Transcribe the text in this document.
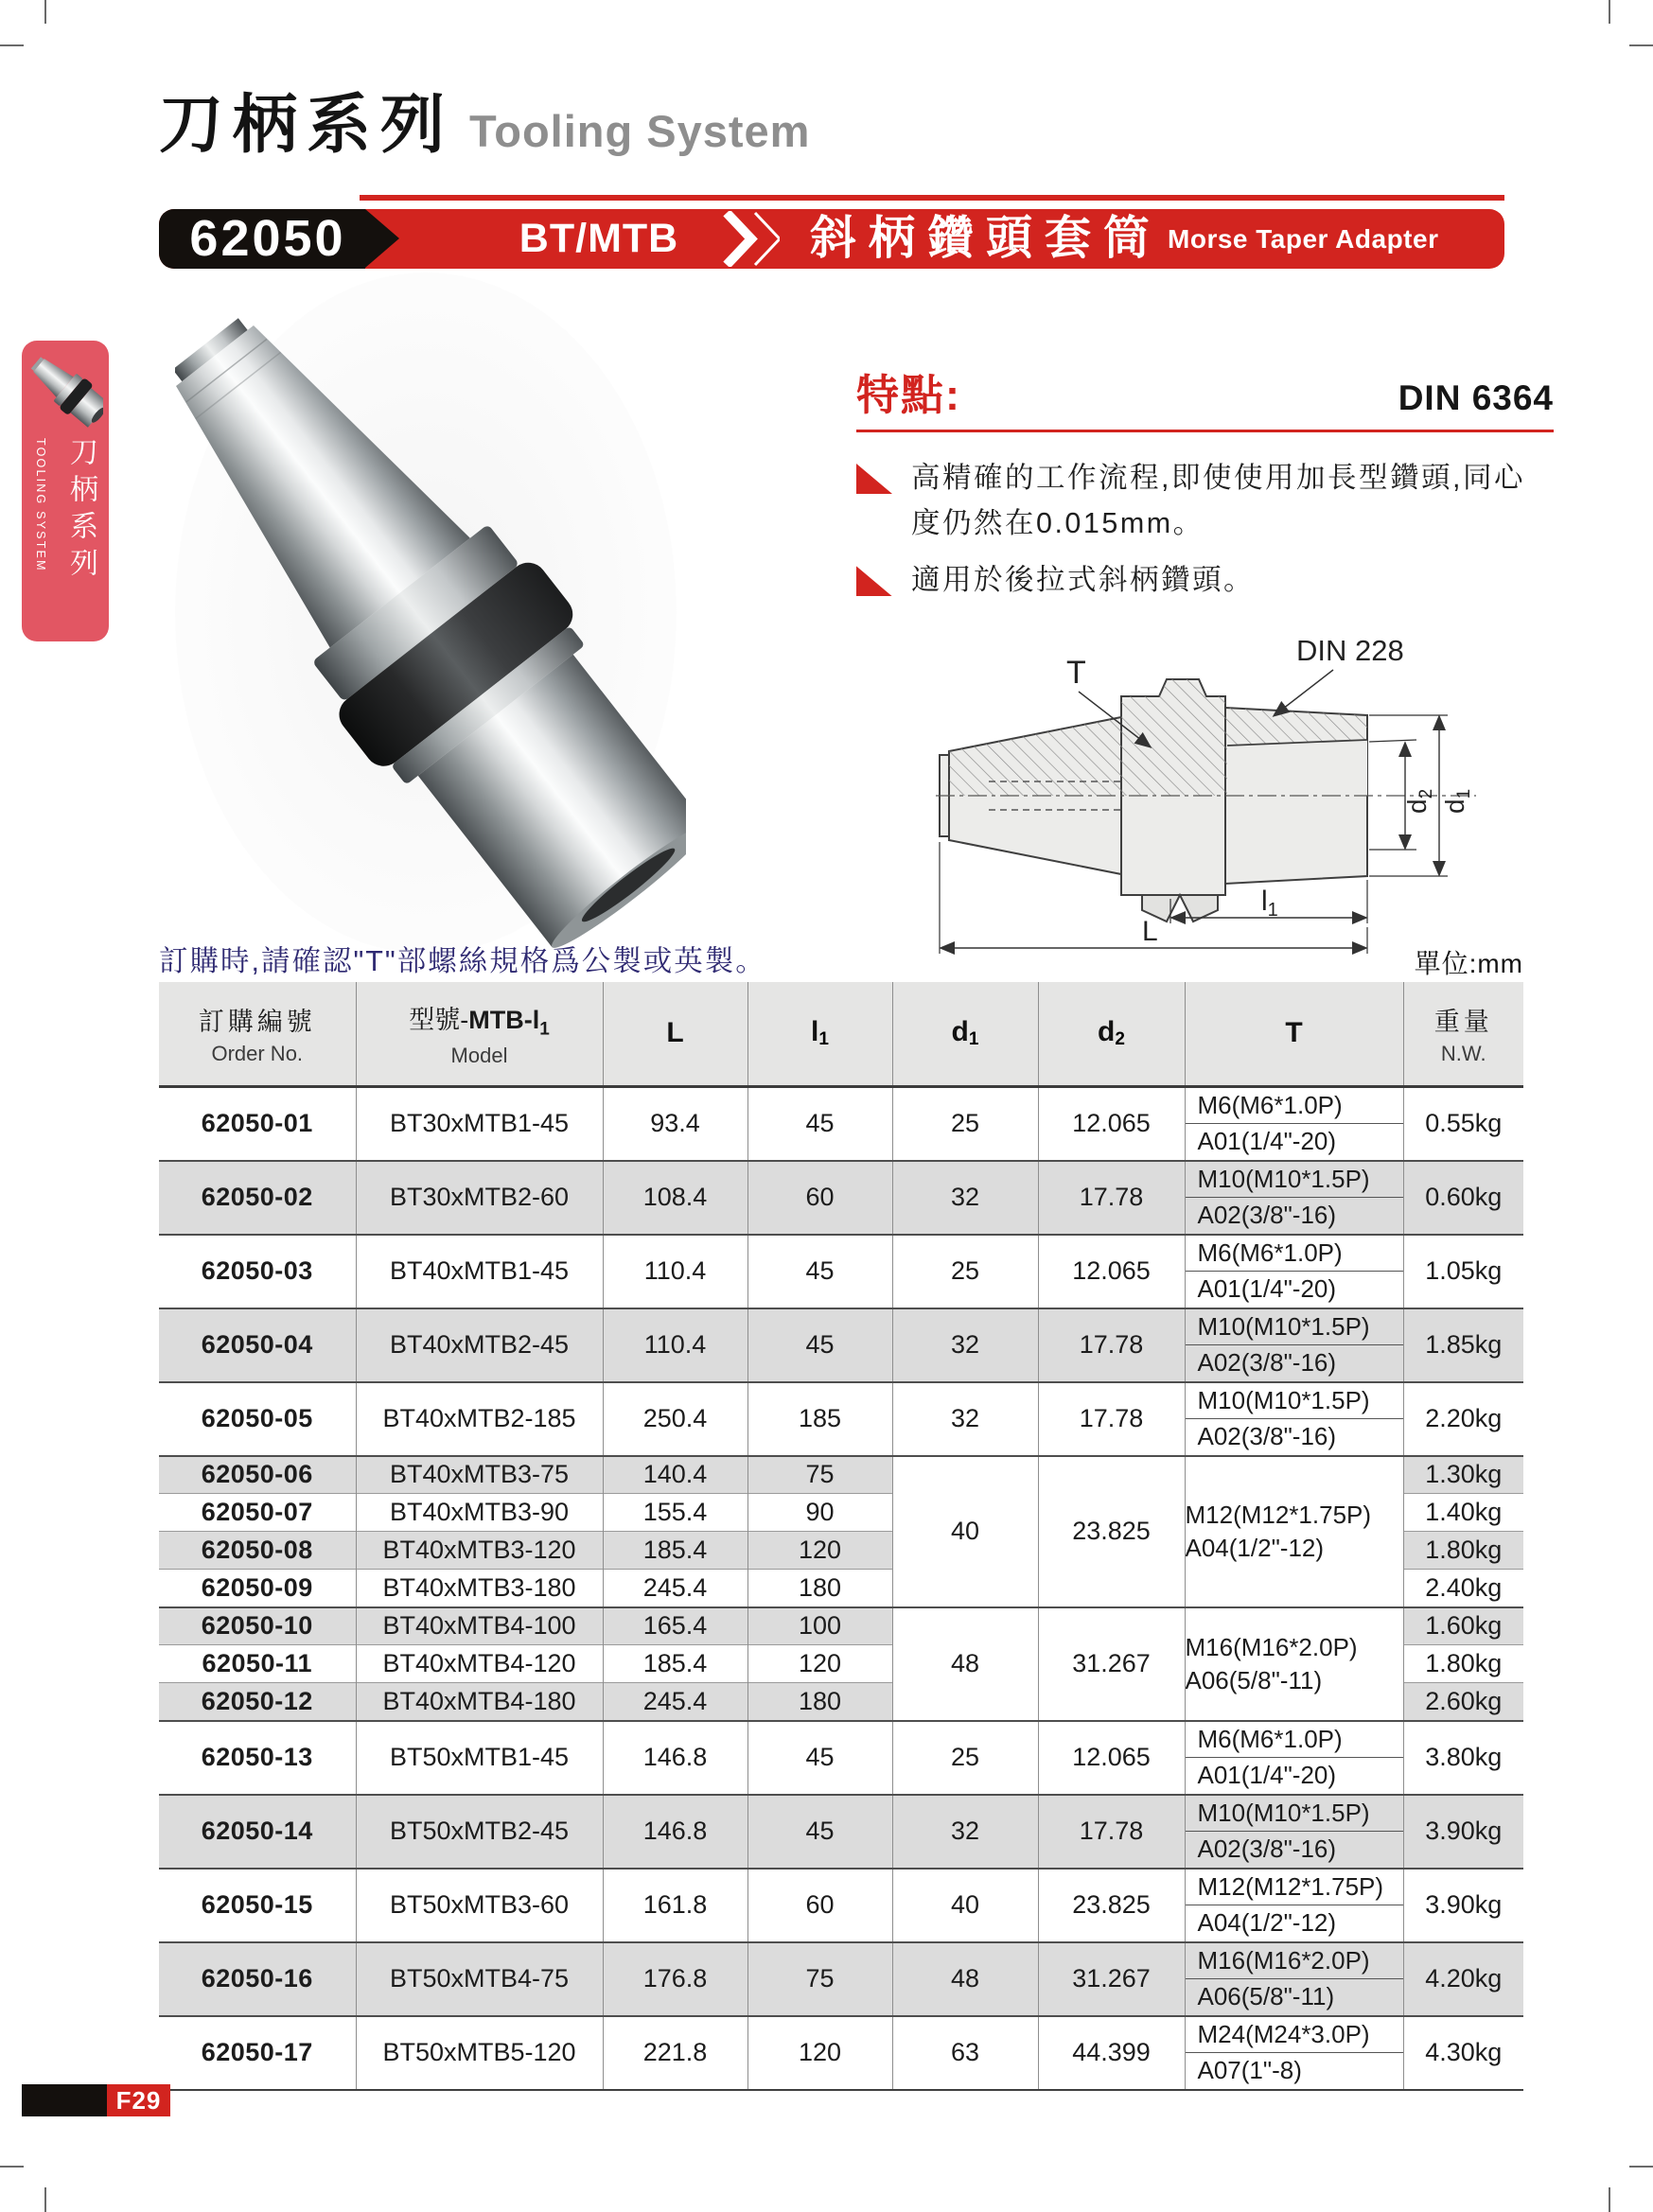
刀柄系列 Tooling System
62050	BT/MTB	斜柄鑽頭套筒 Morse Taper Adapter
TOOLING SYSTEM 刀柄系列
特點:	DIN 6364
高精確的工作流程,即使使用加長型鑽頭,同心度仍然在0.015mm。
適用於後拉式斜柄鑽頭。
T
DIN 228
$d_2$
$d_1$
$l_1$
L
訂購時,請確認"T"部螺絲規格爲公製或英製。	單位:mm
訂購編號
Order No.

型號$-MTB-l_1$
Model
	L	$l_1$	$d_1$	$d_2$	T	重量
N.W.

62050-01	BT30xMTB1-45	93.4	45	25	12.065	M6(M6*1.0P)
A01(1/4"-20)	0.55kg
62050-02	BT30xMTB2-60	108.4	60	32	17.78	M10(M10*1.5P)
A02(3/8"-16)	0.60kg
62050-03	BT40xMTB1-45	110.4	45	25	12.065	M6(M6*1.0P)
A01(1/4"-20)	1.05kg
62050-04	BT40xMTB2-45	110.4	45	32	17.78	M10(M10*1.5P)
A02(3/8"-16)	1.85kg
62050-05	BT40xMTB2-185	250.4	185	32	17.78	M10(M10*1.5P)
A02(3/8"-16)	2.20kg
62050-06	BT40xMTB3-75	140.4	75	40	23.825	M12(M12*1.75P)
A04(1/2"-12)	1.30kg
62050-07	BT40xMTB3-90	155.4	90				1.40kg
62050-08	BT40xMTB3-120	185.4	120				1.80kg
62050-09	BT40xMTB3-180	245.4	180				2.40kg
62050-10	BT40xMTB4-100	165.4	100	48	31.267	M16(M16*2.0P)
A06(5/8"-11)	1.60kg
62050-11	BT40xMTB4-120	185.4	120				1.80kg
62050-12	BT40xMTB4-180	245.4	180				2.60kg
62050-13	BT50xMTB1-45	146.8	45	25	12.065	M6(M6*1.0P)
A01(1/4"-20)	3.80kg
62050-14	BT50xMTB2-45	146.8	45	32	17.78	M10(M10*1.5P)
A02(3/8"-16)	3.90kg
62050-15	BT50xMTB3-60	161.8	60	40	23.825	M12(M12*1.75P)
A04(1/2"-12)	3.90kg
62050-16	BT50xMTB4-75	176.8	75	48	31.267	M16(M16*2.0P)
A06(5/8"-11)	4.20kg
62050-17	BT50xMTB5-120	221.8	120	63	44.399	M24(M24*3.0P)
A07(1"-8)	4.30kg
F29
